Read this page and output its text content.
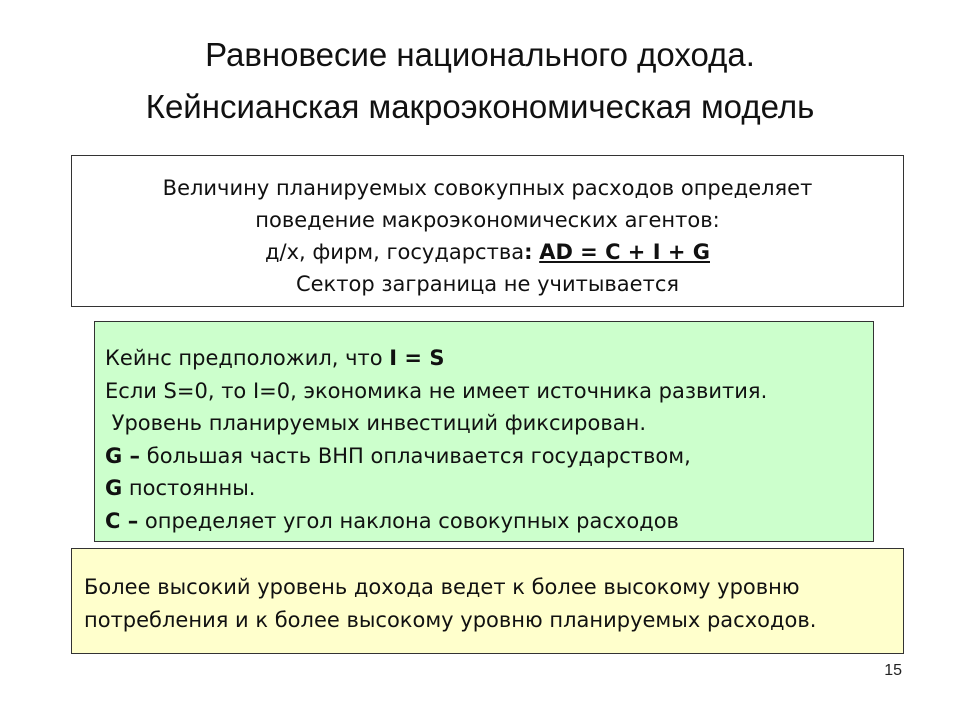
Равновесие национального дохода.
Кейнсианская макроэкономическая модель
Величину планируемых совокупных расходов определяет
поведение макроэкономических агентов:
д/х, фирм, государства: AD = C + I + G
Сектор заграница не учитывается
Кейнс предположил, что I = S
Если S=0, то I=0, экономика не имеет источника развития.
Уровень планируемых инвестиций фиксирован.
G – большая часть ВНП оплачивается государством,
G постоянны.
C – определяет угол наклона совокупных расходов
Более высокий уровень дохода ведет к более высокому уровню
потребления и к более высокому уровню планируемых расходов.
15
